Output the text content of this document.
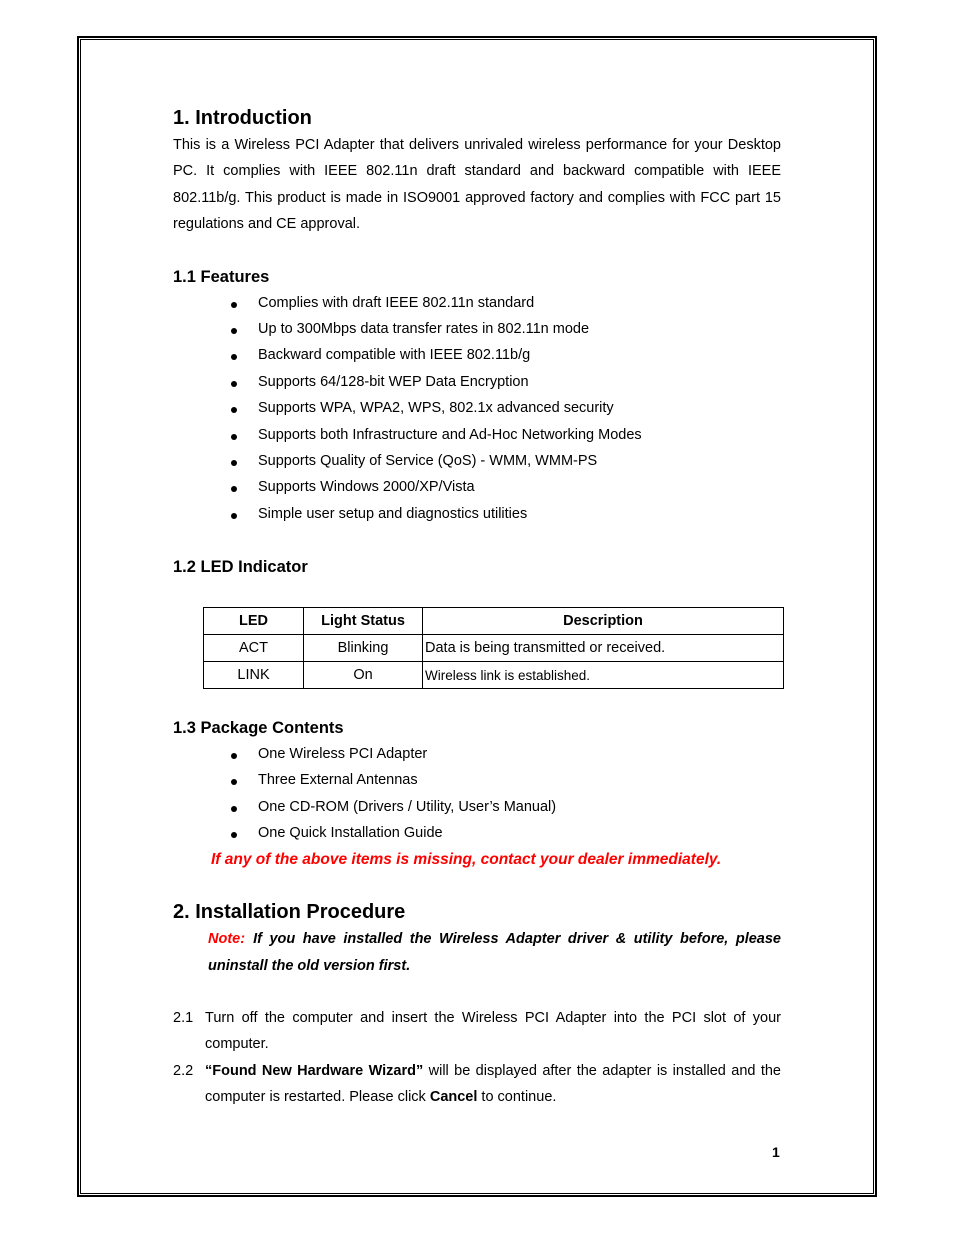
1. Introduction
This is a Wireless PCI Adapter that delivers unrivaled wireless performance for your Desktop
PC. It complies with IEEE 802.11n draft standard and backward compatible with IEEE
802.11b/g. This product is made in ISO9001 approved factory and complies with FCC part 15
regulations and CE approval.
1.1 Features
Complies with draft IEEE 802.11n standard
Up to 300Mbps data transfer rates in 802.11n mode
Backward compatible with IEEE 802.11b/g
Supports 64/128-bit WEP Data Encryption
Supports WPA, WPA2, WPS, 802.1x advanced security
Supports both Infrastructure and Ad-Hoc Networking Modes
Supports Quality of Service (QoS) - WMM, WMM-PS
Supports Windows 2000/XP/Vista
Simple user setup and diagnostics utilities
1.2 LED Indicator
LED	Light Status	Description
ACT	Blinking	Data is being transmitted or received.
LINK	On	Wireless link is established.
1.3 Package Contents
One Wireless PCI Adapter
Three External Antennas
One CD-ROM (Drivers / Utility, User’s Manual)
One Quick Installation Guide
If any of the above items is missing, contact your dealer immediately.
2. Installation Procedure
Note: If you have installed the Wireless Adapter driver & utility before, please
uninstall the old version first.
2.1 Turn off the computer and insert the Wireless PCI Adapter into the PCI slot of your
computer.
2.2 “Found New Hardware Wizard” will be displayed after the adapter is installed and the
computer is restarted. Please click Cancel to continue.
1
